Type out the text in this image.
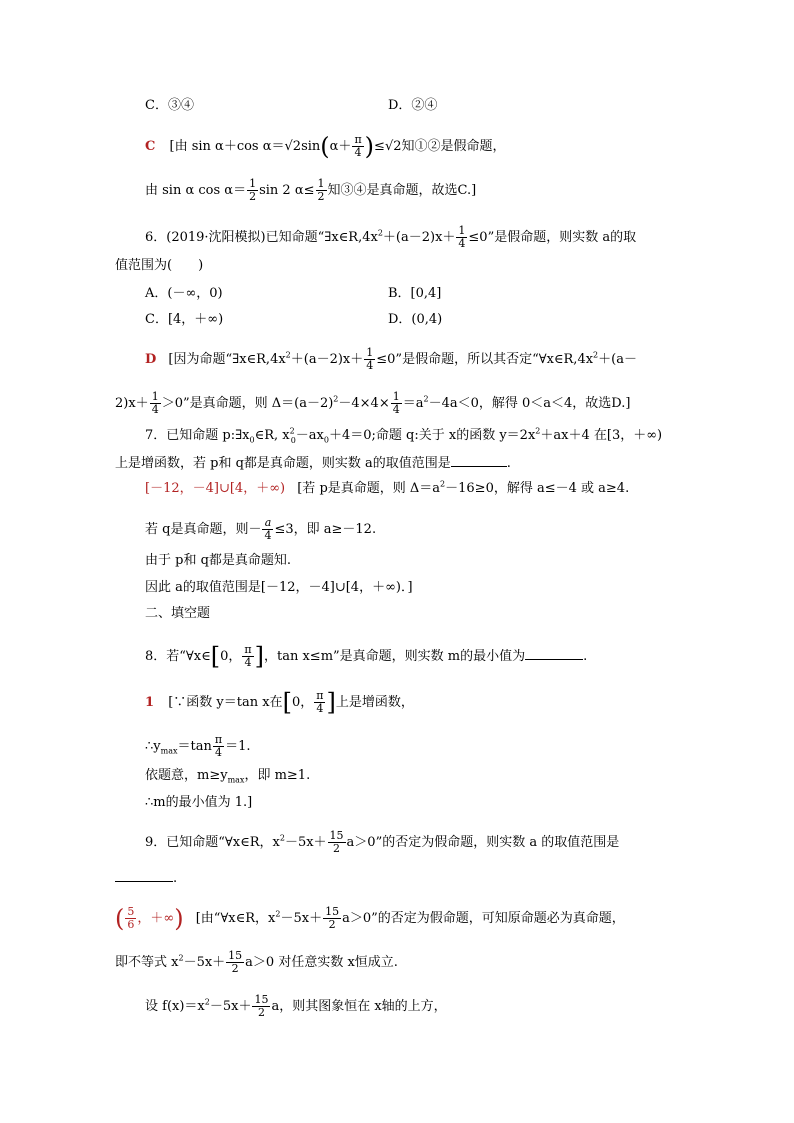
C．③④	D．②④
C [由 sin α＋cos $\alpha=√2\sin(\alpha+ \frac{\pi}{4} )\le√2$知①②是假命题，
由 sin α $\cos \alpha= \frac{1}{2}$ sin 2 $\alpha\le \frac{1}{2}$ 知③④是真命题，故选C.]
6．(2019·沈阳模拟)已知命题“$\exists x\in R,4x^2+(a-2)x+ \frac{1}{4} \le 0$”是假命题，则实数 a的取
值范围为(　　)
A．(－∞，0)	B．[0,4]
C．[4，＋∞)	D．(0,4)
D [因为命题“$\exists x\in R,4x^2+(a-2)x+ \frac{1}{4} \le 0$”是假命题，所以其否定“$\forall x\in R,4x^2+(a-$
$2)x+ \frac{1}{4} >0$”是真命题，则 $\Delta=(a-2)^2-4\times 4\times \frac{1}{4} =a^2-4a<0$，解得 0＜a＜4，故选D.]
7．已知命题 $p:\exists x_0\in R$, $x^2_0-ax_0+4=0$;命题 q:关于 x的函数 $y=2x^2+ax+4$ 在[3，＋∞)
上是增函数，若 p和 q都是真命题，则实数 a的取值范围是	.
[－12，－4]∪[4，＋∞) [若 p是真命题，则 $\Delta=a^2-16\ge 0$，解得 a≤－4 或 a≥4.
若 q是真命题，则－ $\frac{a}{4} \le 3$，即 a≥－12.
由于 p和 q都是真命题知.
因此 a的取值范围是[－12，－4]∪[4，＋∞)．]
二、填空题
8．若“∀x∈[0， $\frac{\pi}{4}$ ]，tan x≤m”是真命题，则实数 m的最小值为	.
1 [∵函数 y＝tan x在[0， $\frac{\pi}{4}$ ]上是增函数，
$\therefore y_{max}=\tan \frac{\pi}{4} =1$.
依题意，$m\ge y_{max}$，即 m≥1.
∴m的最小值为 1.]
9．已知命题“∀x∈R，$x^2-5x+ \frac{15}{2} a>0$”的否定为假命题，则实数 a 的取值范围是
.
( $\frac{5}{6}$ ，＋∞) [由“∀x∈R，$x^2-5x+ \frac{15}{2} a>0$”的否定为假命题，可知原命题必为真命题，
即不等式 $x^2-5x+ \frac{15}{2} a>0$ 对任意实数 x恒成立.
设 $f(x)=x^2-5x+ \frac{15}{2}$ a，则其图象恒在 x轴的上方，
